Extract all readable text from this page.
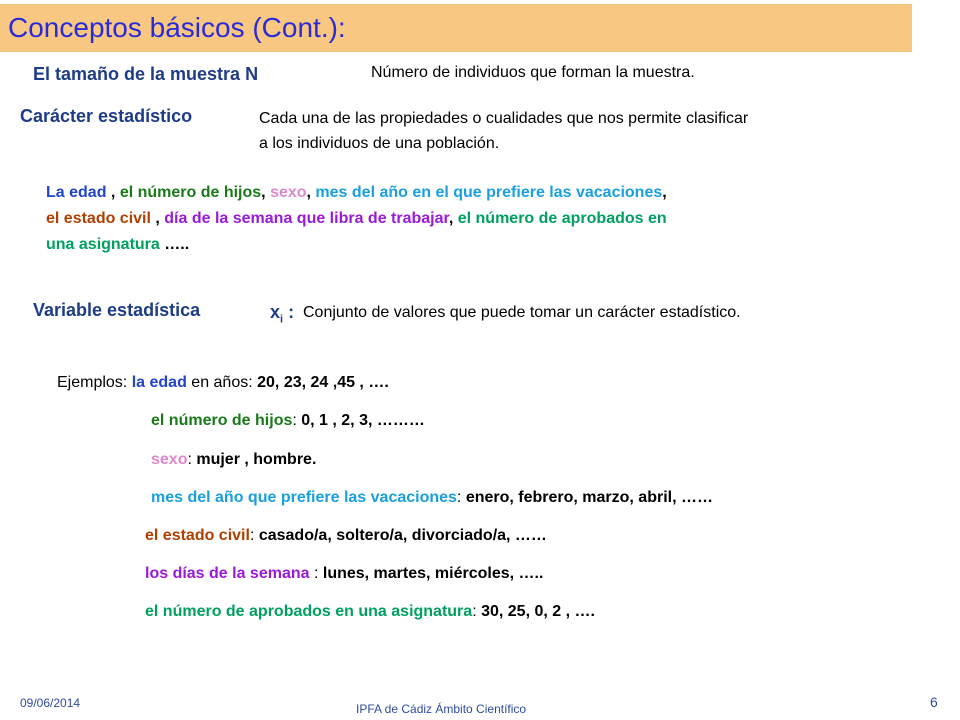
Conceptos básicos (Cont.):
El tamaño de la muestra N	Número de individuos que forman la muestra.
Carácter estadístico	Cada una de las propiedades o cualidades que nos permite clasificar
a los individuos de una población.
La edad , el número de hijos, sexo, mes del año en el que prefiere las vacaciones,
el estado civil , día de la semana que libra de trabajar, el número de aprobados en
una asignatura …..
Variable estadística	$x_i$ : Conjunto de valores que puede tomar un carácter estadístico.
Ejemplos: la edad en años: 20, 23, 24 ,45 , ….
el número de hijos: 0, 1 , 2, 3, ………
sexo: mujer , hombre.
mes del año que prefiere las vacaciones: enero, febrero, marzo, abril, ……
el estado civil: casado/a, soltero/a, divorciado/a, ……
los días de la semana : lunes, martes, miércoles, …..
el número de aprobados en una asignatura: 30, 25, 0, 2 , ….
09/06/2014	IPFA de Cádiz Ámbito Científico	6
